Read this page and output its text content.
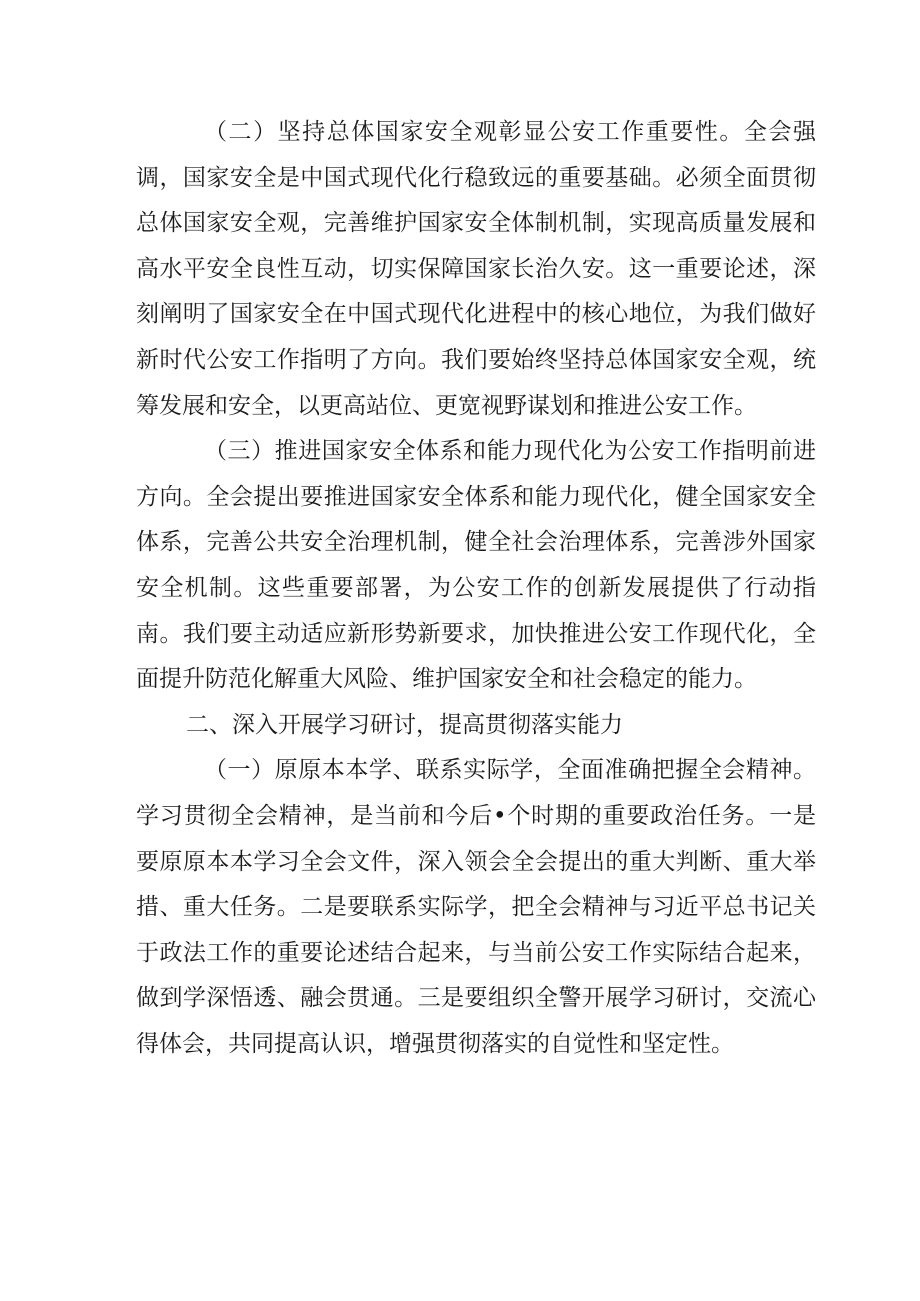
（二）坚持总体国家安全观彰显公安工作重要性。全会强调，国家安全是中国式现代化行稳致远的重要基础。必须全面贯彻总体国家安全观，完善维护国家安全体制机制，实现高质量发展和高水平安全良性互动，切实保障国家长治久安。这一重要论述，深刻阐明了国家安全在中国式现代化进程中的核心地位，为我们做好新时代公安工作指明了方向。我们要始终坚持总体国家安全观，统筹发展和安全，以更高站位、更宽视野谋划和推进公安工作。

（三）推进国家安全体系和能力现代化为公安工作指明前进方向。全会提出要推进国家安全体系和能力现代化，健全国家安全体系，完善公共安全治理机制，健全社会治理体系，完善涉外国家安全机制。这些重要部署，为公安工作的创新发展提供了行动指南。我们要主动适应新形势新要求，加快推进公安工作现代化，全面提升防范化解重大风险、维护国家安全和社会稳定的能力。

二、深入开展学习研讨，提高贯彻落实能力

（一）原原本本学、联系实际学，全面准确把握全会精神。学习贯彻全会精神，是当前和今后•个时期的重要政治任务。一是要原原本本学习全会文件，深入领会全会提出的重大判断、重大举措、重大任务。二是要联系实际学，把全会精神与习近平总书记关于政法工作的重要论述结合起来，与当前公安工作实际结合起来，做到学深悟透、融会贯通。三是要组织全警开展学习研讨，交流心得体会，共同提高认识，增强贯彻落实的自觉性和坚定性。
